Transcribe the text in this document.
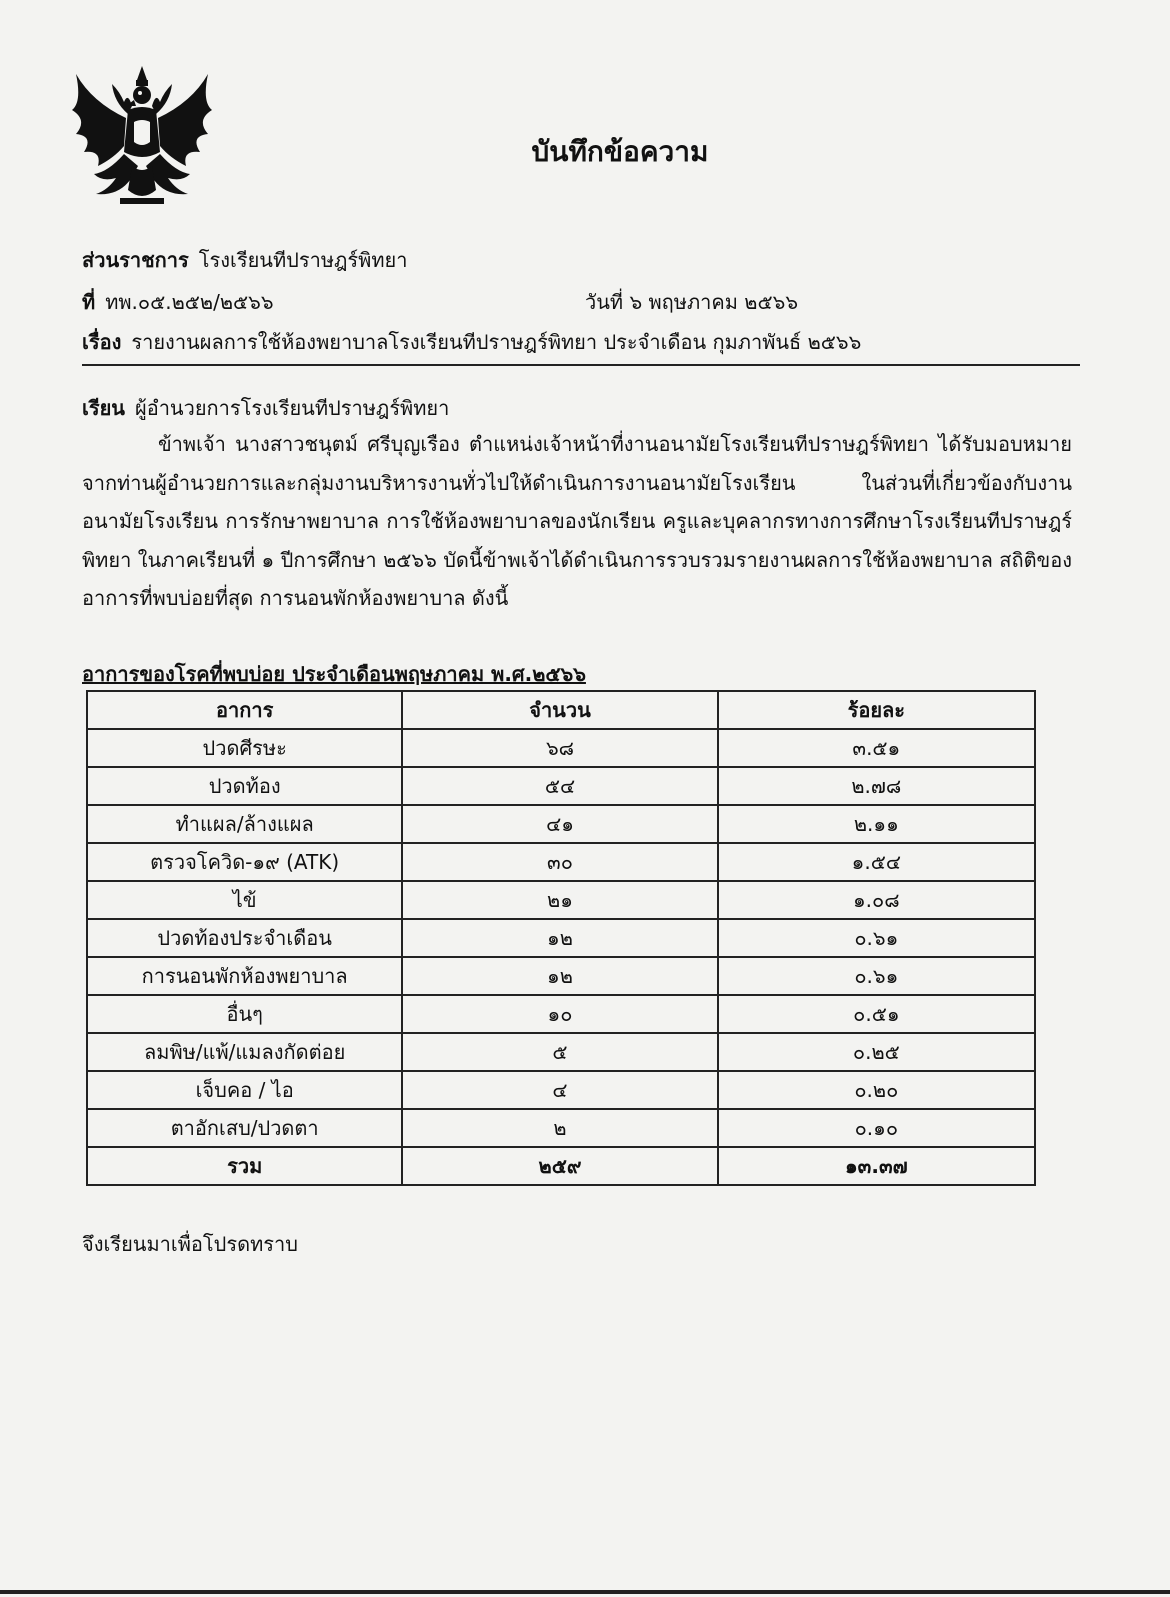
บันทึกข้อความ
ส่วนราชการ โรงเรียนทีปราษฎร์พิทยา
ที่ ทพ.๐๕.๒๕๒/๒๕๖๖	วันที่ ๖ พฤษภาคม ๒๕๖๖
เรื่อง รายงานผลการใช้ห้องพยาบาลโรงเรียนทีปราษฎร์พิทยา ประจำเดือน กุมภาพันธ์ ๒๕๖๖
เรียน ผู้อำนวยการโรงเรียนทีปราษฎร์พิทยา
ข้าพเจ้า นางสาวชนุตม์ ศรีบุญเรือง ตำแหน่งเจ้าหน้าที่งานอนามัยโรงเรียนทีปราษฎร์พิทยา ได้รับมอบหมายจากท่านผู้อำนวยการและกลุ่มงานบริหารงานทั่วไปให้ดำเนินการงานอนามัยโรงเรียน ในส่วนที่เกี่ยวข้องกับงานอนามัยโรงเรียน การรักษาพยาบาล การใช้ห้องพยาบาลของนักเรียน ครูและบุคลากรทางการศึกษาโรงเรียนทีปราษฎร์พิทยา ในภาคเรียนที่ ๑ ปีการศึกษา ๒๕๖๖ บัดนี้ข้าพเจ้าได้ดำเนินการรวบรวมรายงานผลการใช้ห้องพยาบาล สถิติของอาการที่พบบ่อยที่สุด การนอนพักห้องพยาบาล ดังนี้
อาการของโรคที่พบบ่อย ประจำเดือนพฤษภาคม พ.ศ.๒๕๖๖
อาการ	จำนวน	ร้อยละ
ปวดศีรษะ	๖๘	๓.๕๑
ปวดท้อง	๕๔	๒.๗๘
ทำแผล/ล้างแผล	๔๑	๒.๑๑
ตรวจโควิด-๑๙ (ATK)	๓๐	๑.๕๔
ไข้	๒๑	๑.๐๘
ปวดท้องประจำเดือน	๑๒	๐.๖๑
การนอนพักห้องพยาบาล	๑๒	๐.๖๑
อื่นๆ	๑๐	๐.๕๑
ลมพิษ/แพ้/แมลงกัดต่อย	๕	๐.๒๕
เจ็บคอ / ไอ	๔	๐.๒๐
ตาอักเสบ/ปวดตา	๒	๐.๑๐
รวม	๒๕๙	๑๓.๓๗
จึงเรียนมาเพื่อโปรดทราบ
